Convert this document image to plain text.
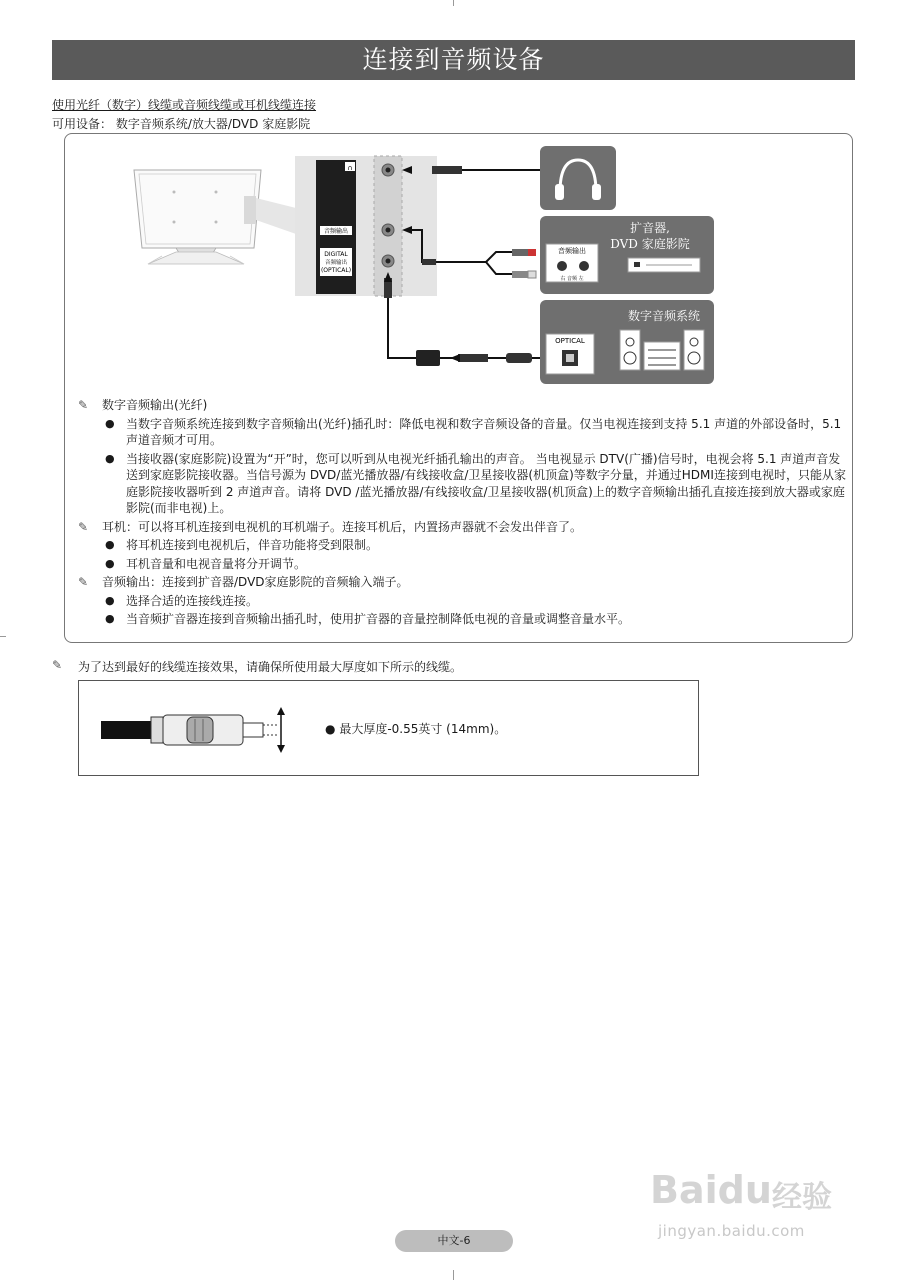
连接到音频设备
使用光纤（数字）线缆或音频线缆或耳机线缆连接
可用设备： 数字音频系统/放大器/DVD 家庭影院
∩
音频输出
DIGITAL
音频输出
(OPTICAL)
扩音器,
DVD 家庭影院
音频输出
右 音频 左
数字音频系统
OPTICAL
✎ 数字音频输出(光纤)
● 当数字音频系统连接到数字音频输出(光纤)插孔时：降低电视和数字音频设备的音量。仅当电视连接到支持 5.1 声道的外部设备时，5.1 声道音频才可用。
● 当接收器(家庭影院)设置为“开”时，您可以听到从电视光纤插孔输出的声音。 当电视显示 DTV(广播)信号时，电视会将 5.1 声道声音发送到家庭影院接收器。当信号源为 DVD/蓝光播放器/有线接收盒/卫星接收器(机顶盒)等数字分量，并通过HDMI连接到电视时，只能从家庭影院接收器听到 2 声道声音。请将 DVD /蓝光播放器/有线接收盒/卫星接收器(机顶盒)上的数字音频输出插孔直接连接到放大器或家庭影院(而非电视)上。
✎ 耳机：可以将耳机连接到电视机的耳机端子。连接耳机后，内置扬声器就不会发出伴音了。
● 将耳机连接到电视机后，伴音功能将受到限制。
● 耳机音量和电视音量将分开调节。
✎ 音频输出：连接到扩音器/DVD家庭影院的音频输入端子。
● 选择合适的连接线连接。
● 当音频扩音器连接到音频输出插孔时，使用扩音器的音量控制降低电视的音量或调整音量水平。
✎ 为了达到最好的线缆连接效果，请确保所使用最大厚度如下所示的线缆。
● 最大厚度-0.55英寸 (14mm)。
Baidu 经验
jingyan.baidu.com
中文-6
